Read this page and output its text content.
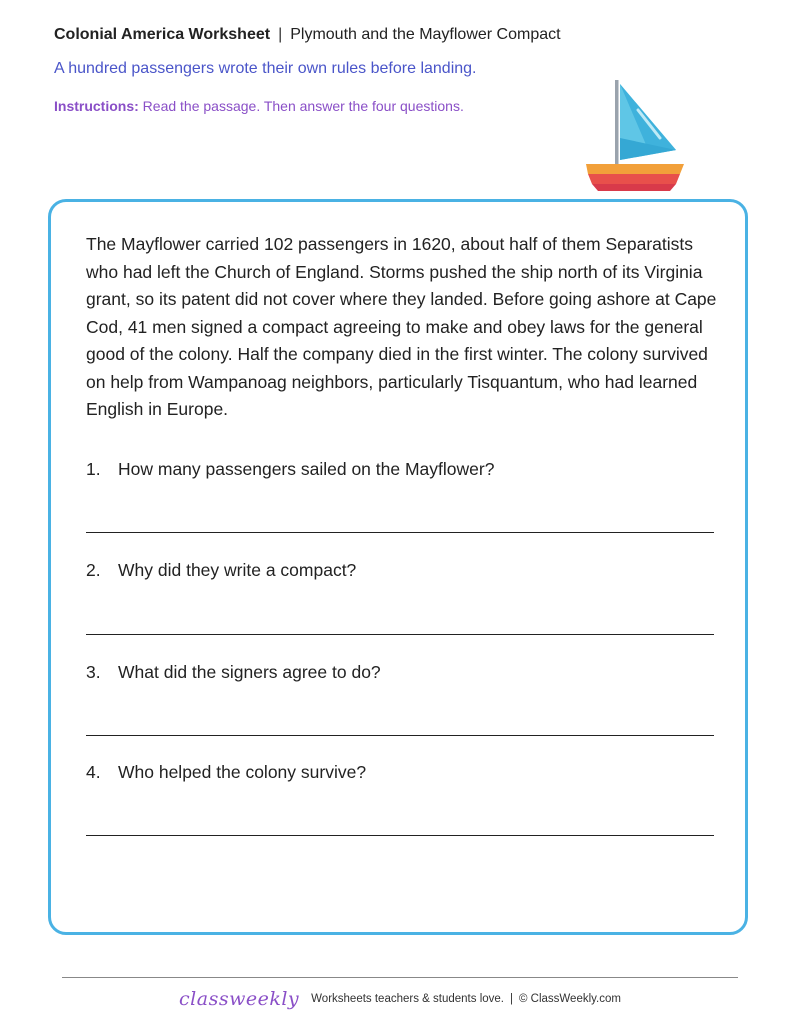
Colonial America Worksheet | Plymouth and the Mayflower Compact
A hundred passengers wrote their own rules before landing.
Instructions: Read the passage. Then answer the four questions.

The Mayflower carried 102 passengers in 1620, about half of them Separatists who had left the Church of England. Storms pushed the ship north of its Virginia grant, so its patent did not cover where they landed. Before going ashore at Cape Cod, 41 men signed a compact agreeing to make and obey laws for the general good of the colony. Half the company died in the first winter. The colony survived on help from Wampanoag neighbors, particularly Tisquantum, who had learned English in Europe.

1. How many passengers sailed on the Mayflower?
2. Why did they write a compact?
3. What did the signers agree to do?
4. Who helped the colony survive?
classweekly Worksheets teachers & students love. | © ClassWeekly.com
